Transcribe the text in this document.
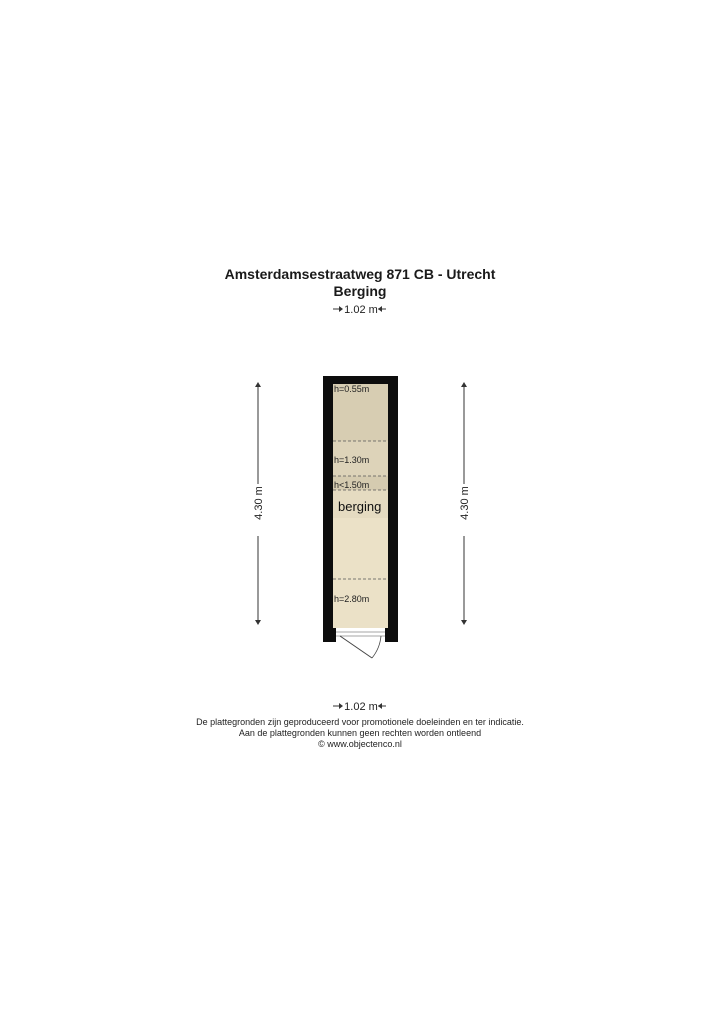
Amsterdamsestraatweg 871 CB - Utrecht
Berging
1.02 m
4.30 m	4.30 m
h=0.55m
h=1.30m
h<1.50m
h=2.80m
berging
1.02 m
De plattegronden zijn geproduceerd voor promotionele doeleinden en ter indicatie.
Aan de plattegronden kunnen geen rechten worden ontleend
© www.objectenco.nl
